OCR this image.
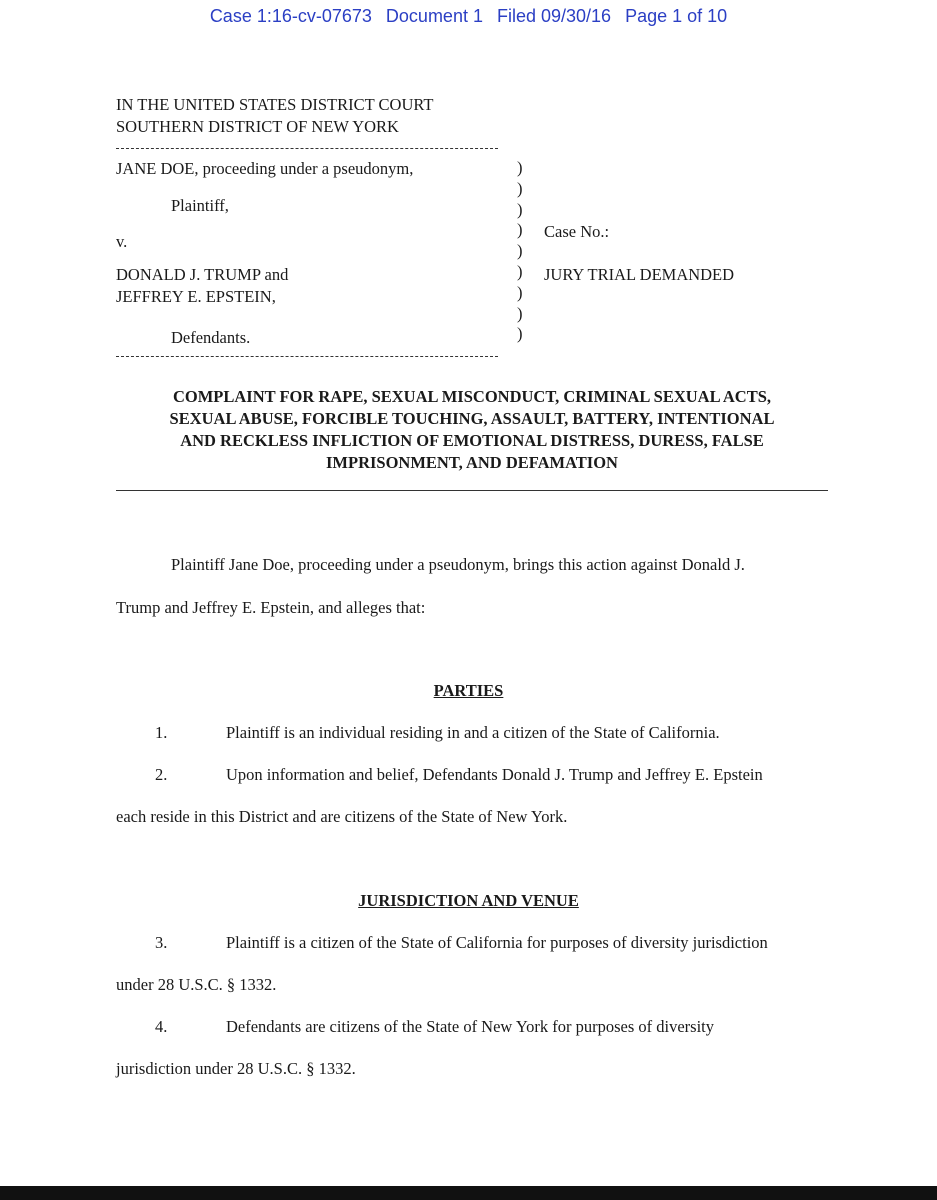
Case 1:16-cv-07673 Document 1 Filed 09/30/16 Page 1 of 10
IN THE UNITED STATES DISTRICT COURT
SOUTHERN DISTRICT OF NEW YORK
JANE DOE, proceeding under a pseudonym,
Plaintiff,
v.
DONALD J. TRUMP and
JEFFREY E. EPSTEIN,
Defendants.
)
)
)
)
)
)
)
)
)
Case No.:
JURY TRIAL DEMANDED
COMPLAINT FOR RAPE, SEXUAL MISCONDUCT, CRIMINAL SEXUAL ACTS,
SEXUAL ABUSE, FORCIBLE TOUCHING, ASSAULT, BATTERY, INTENTIONAL
AND RECKLESS INFLICTION OF EMOTIONAL DISTRESS, DURESS, FALSE
IMPRISONMENT, AND DEFAMATION
Plaintiff Jane Doe, proceeding under a pseudonym, brings this action against Donald J.
Trump and Jeffrey E. Epstein, and alleges that:
PARTIES
1.	Plaintiff is an individual residing in and a citizen of the State of California.
2.	Upon information and belief, Defendants Donald J. Trump and Jeffrey E. Epstein
each reside in this District and are citizens of the State of New York.
JURISDICTION AND VENUE
3.	Plaintiff is a citizen of the State of California for purposes of diversity jurisdiction
under 28 U.S.C. § 1332.
4.	Defendants are citizens of the State of New York for purposes of diversity
jurisdiction under 28 U.S.C. § 1332.
